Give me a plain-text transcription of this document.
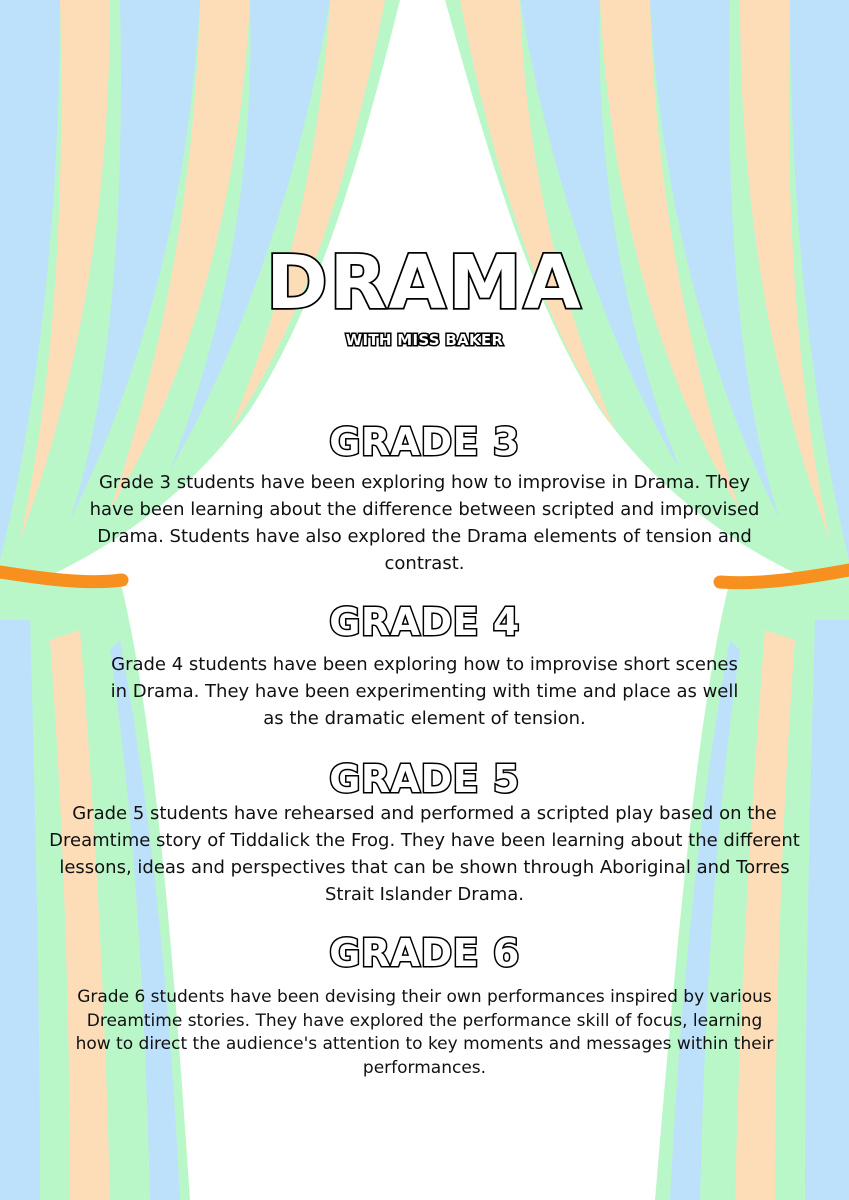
DRAMA
WITH MISS BAKER
GRADE 3
Grade 3 students have been exploring how to improvise in Drama. They
have been learning about the difference between scripted and improvised
Drama. Students have also explored the Drama elements of tension and
contrast.
GRADE 4
Grade 4 students have been exploring how to improvise short scenes
in Drama. They have been experimenting with time and place as well
as the dramatic element of tension.
GRADE 5
Grade 5 students have rehearsed and performed a scripted play based on the
Dreamtime story of Tiddalick the Frog. They have been learning about the different
lessons, ideas and perspectives that can be shown through Aboriginal and Torres
Strait Islander Drama.
GRADE 6
Grade 6 students have been devising their own performances inspired by various
Dreamtime stories. They have explored the performance skill of focus, learning
how to direct the audience's attention to key moments and messages within their
performances.
